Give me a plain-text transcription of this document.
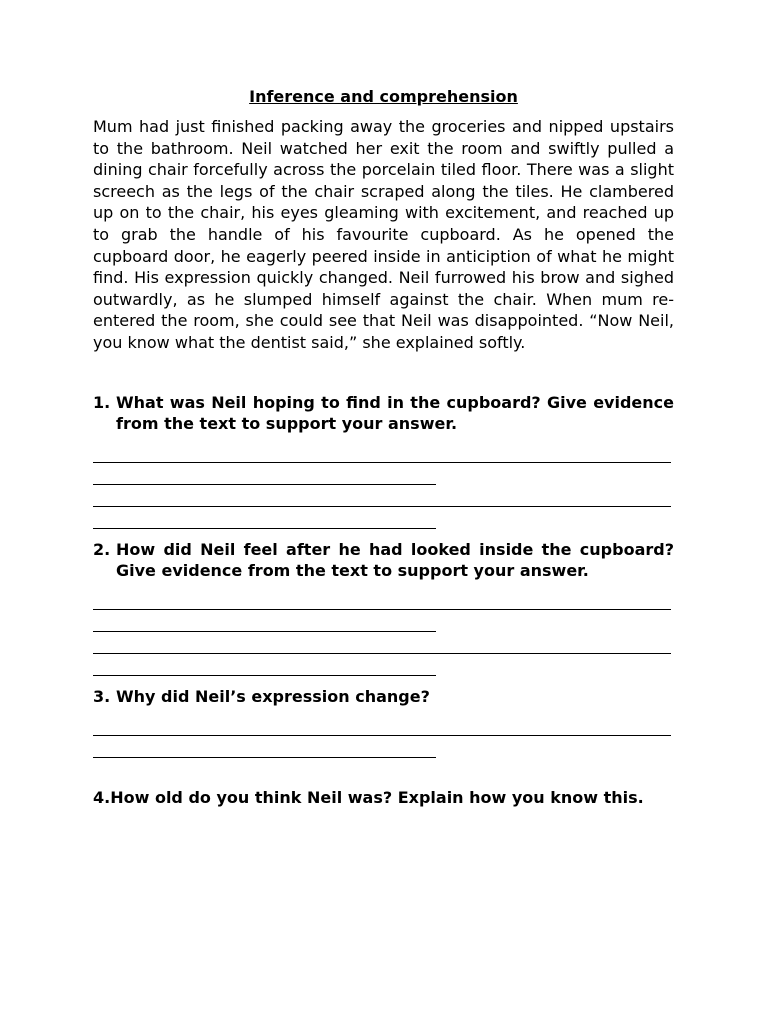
Inference and comprehension

Mum had just finished packing away the groceries and nipped upstairs to the bathroom. Neil watched her exit the room and swiftly pulled a dining chair forcefully across the porcelain tiled floor. There was a slight screech as the legs of the chair scraped along the tiles. He clambered up on to the chair, his eyes gleaming with excitement, and reached up to grab the handle of his favourite cupboard. As he opened the cupboard door, he eagerly peered inside in anticiption of what he might find. His expression quickly changed. Neil furrowed his brow and sighed outwardly, as he slumped himself against the chair. When mum re-entered the room, she could see that Neil was disappointed. “Now Neil, you know what the dentist said,” she explained softly.

1. What was Neil hoping to find in the cupboard? Give evidence from the text to support your answer.
2. How did Neil feel after he had looked inside the cupboard? Give evidence from the text to support your answer.
3. Why did Neil’s expression change?
4.How old do you think Neil was? Explain how you know this.
